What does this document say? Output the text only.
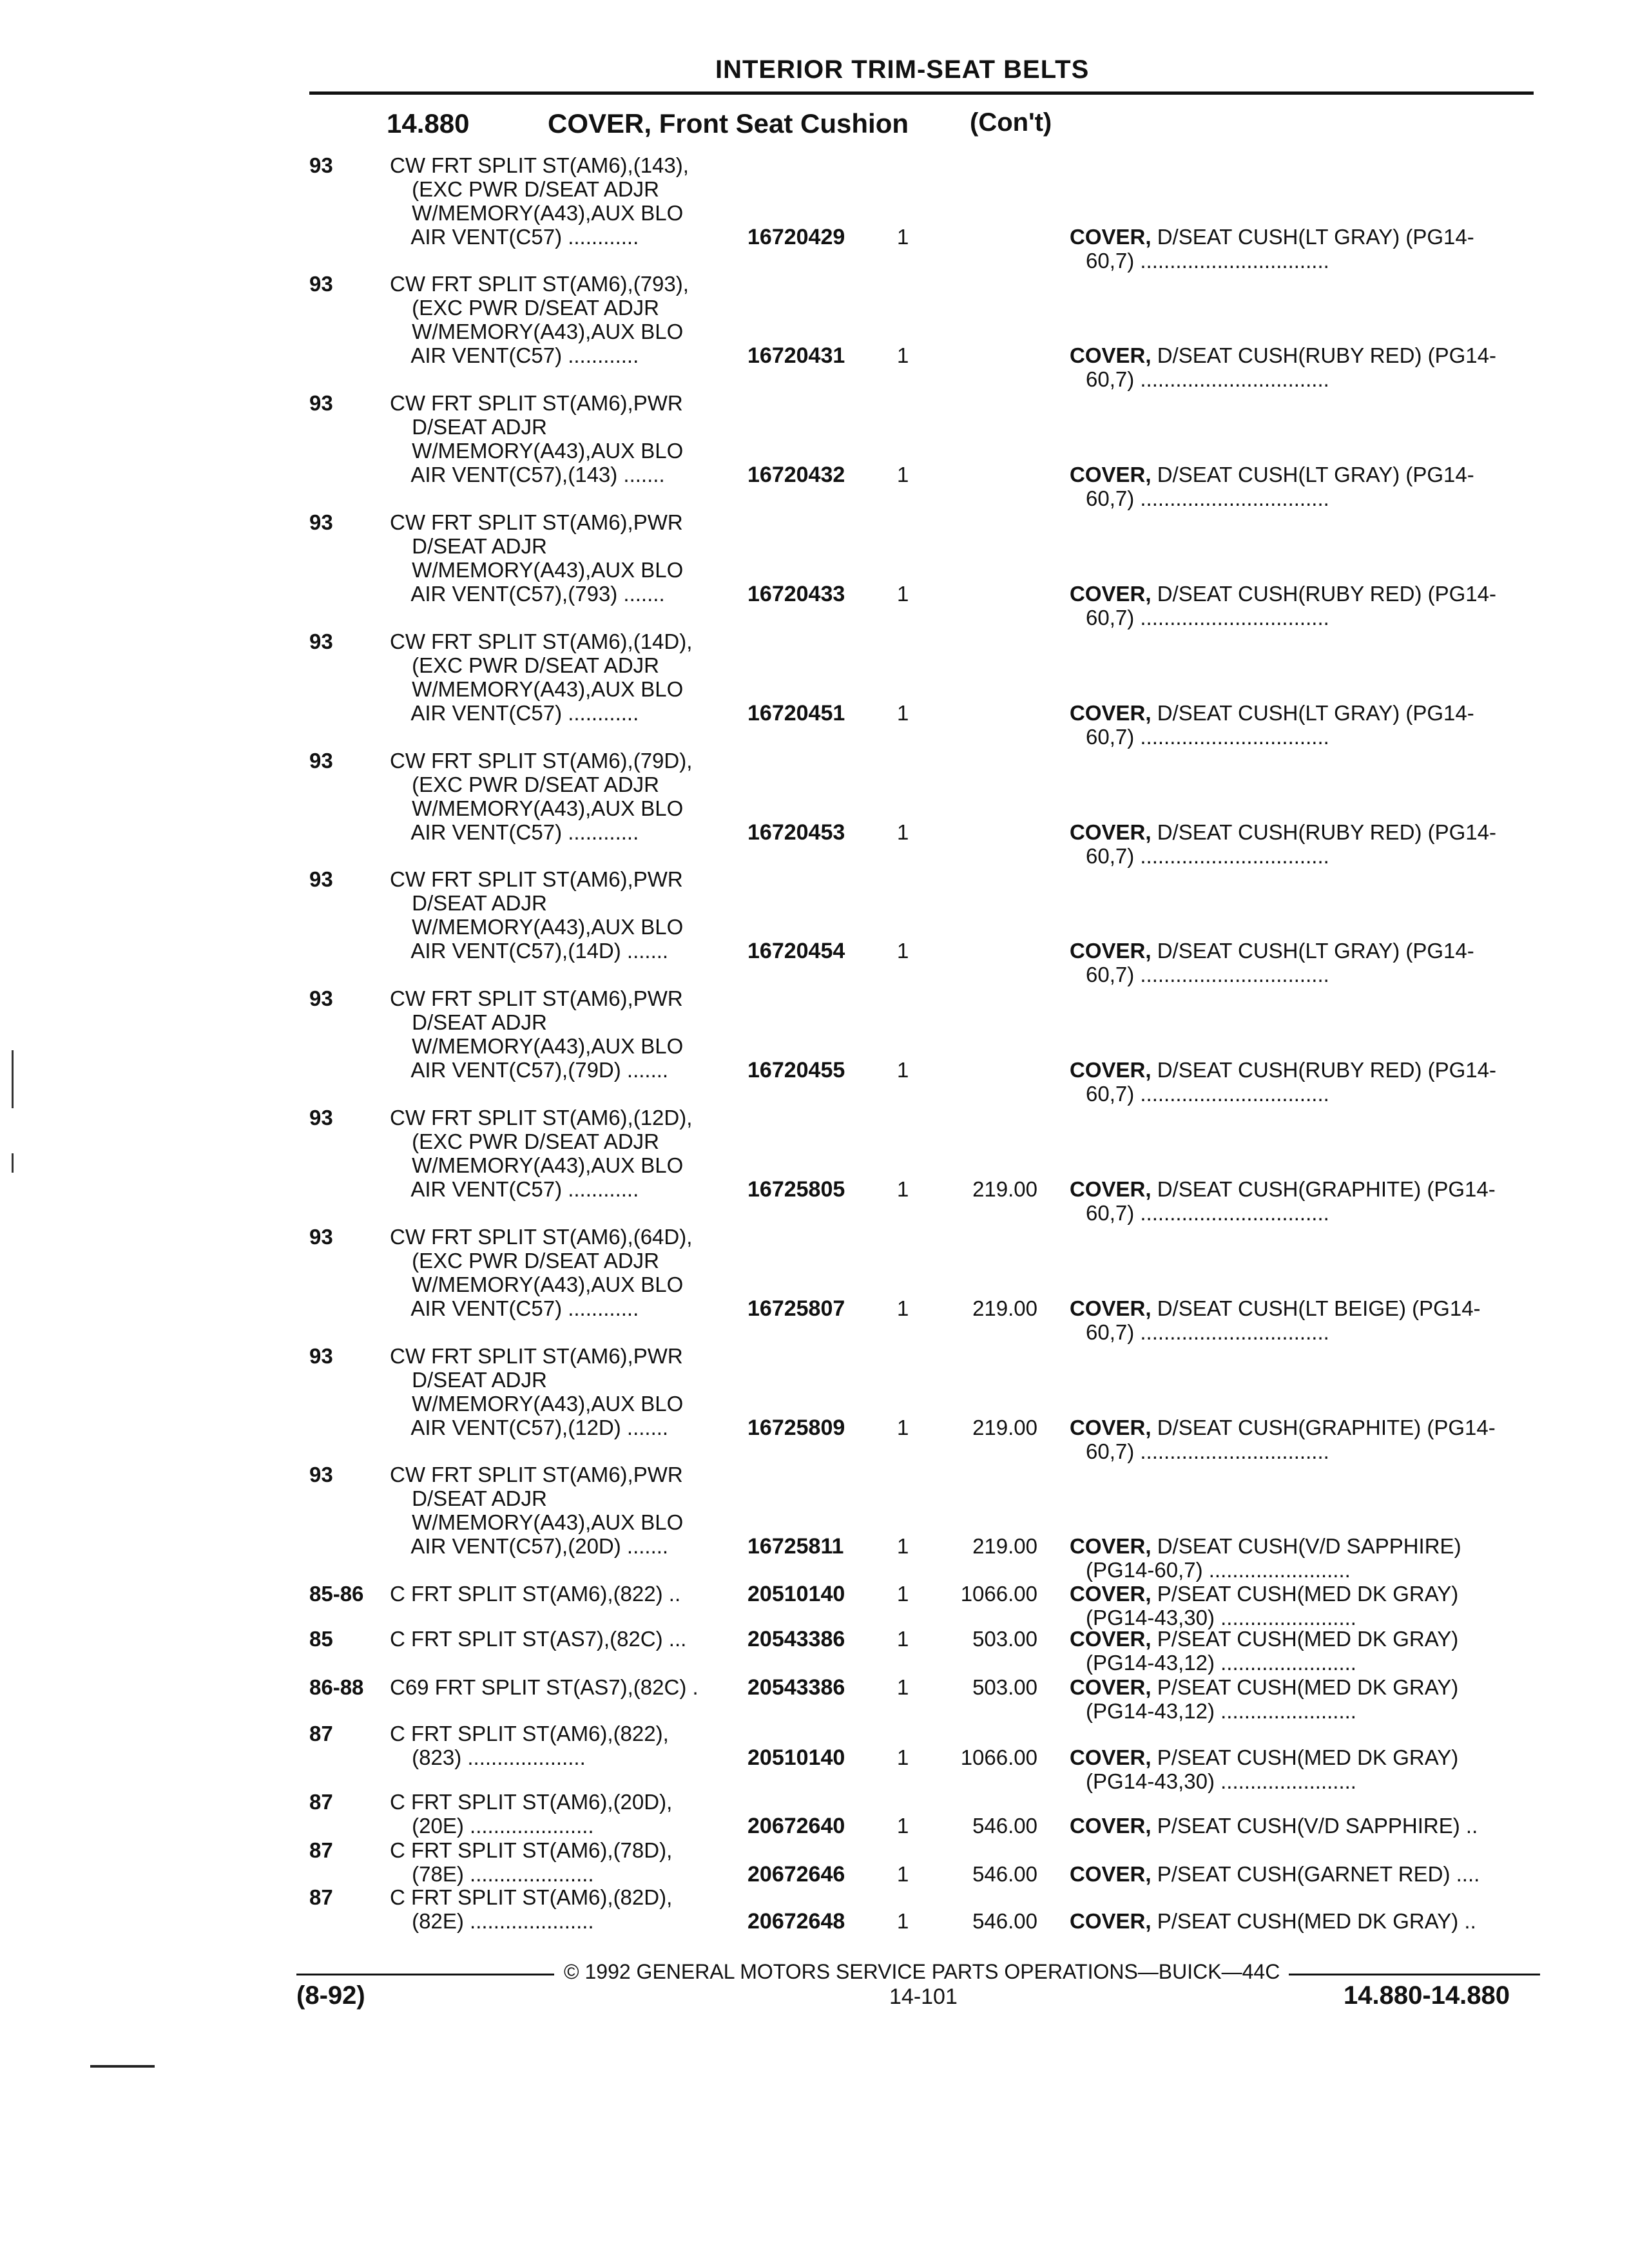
INTERIOR TRIM-SEAT BELTS
14.880	COVER, Front Seat Cushion (Con't)
93	CW FRT SPLIT ST(AM6),(143),
(EXC PWR D/SEAT ADJR
W/MEMORY(A43),AUX BLO
AIR VENT(C57) ............	16720429 1	COVER, D/SEAT CUSH(LT GRAY) (PG14-
60,7) ................................
93	CW FRT SPLIT ST(AM6),(793),
(EXC PWR D/SEAT ADJR
W/MEMORY(A43),AUX BLO
AIR VENT(C57) ............	16720431 1	COVER, D/SEAT CUSH(RUBY RED) (PG14-
60,7) ................................
93	CW FRT SPLIT ST(AM6),PWR
D/SEAT ADJR
W/MEMORY(A43),AUX BLO
AIR VENT(C57),(143) .......	16720432 1	COVER, D/SEAT CUSH(LT GRAY) (PG14-
60,7) ................................
93	CW FRT SPLIT ST(AM6),PWR
D/SEAT ADJR
W/MEMORY(A43),AUX BLO
AIR VENT(C57),(793) .......	16720433 1	COVER, D/SEAT CUSH(RUBY RED) (PG14-
60,7) ................................
93	CW FRT SPLIT ST(AM6),(14D),
(EXC PWR D/SEAT ADJR
W/MEMORY(A43),AUX BLO
AIR VENT(C57) ............	16720451 1	COVER, D/SEAT CUSH(LT GRAY) (PG14-
60,7) ................................
93	CW FRT SPLIT ST(AM6),(79D),
(EXC PWR D/SEAT ADJR
W/MEMORY(A43),AUX BLO
AIR VENT(C57) ............	16720453 1	COVER, D/SEAT CUSH(RUBY RED) (PG14-
60,7) ................................
93	CW FRT SPLIT ST(AM6),PWR
D/SEAT ADJR
W/MEMORY(A43),AUX BLO
AIR VENT(C57),(14D) .......	16720454 1	COVER, D/SEAT CUSH(LT GRAY) (PG14-
60,7) ................................
93	CW FRT SPLIT ST(AM6),PWR
D/SEAT ADJR
W/MEMORY(A43),AUX BLO
AIR VENT(C57),(79D) .......	16720455 1	COVER, D/SEAT CUSH(RUBY RED) (PG14-
60,7) ................................
93	CW FRT SPLIT ST(AM6),(12D),
(EXC PWR D/SEAT ADJR
W/MEMORY(A43),AUX BLO
AIR VENT(C57) ............	16725805 1	219.00 COVER, D/SEAT CUSH(GRAPHITE) (PG14-
60,7) ................................
93	CW FRT SPLIT ST(AM6),(64D),
(EXC PWR D/SEAT ADJR
W/MEMORY(A43),AUX BLO
AIR VENT(C57) ............	16725807 1	219.00 COVER, D/SEAT CUSH(LT BEIGE) (PG14-
60,7) ................................
93	CW FRT SPLIT ST(AM6),PWR
D/SEAT ADJR
W/MEMORY(A43),AUX BLO
AIR VENT(C57),(12D) .......	16725809 1	219.00 COVER, D/SEAT CUSH(GRAPHITE) (PG14-
60,7) ................................
93	CW FRT SPLIT ST(AM6),PWR
D/SEAT ADJR
W/MEMORY(A43),AUX BLO
AIR VENT(C57),(20D) .......	16725811	1	219.00 COVER, D/SEAT CUSH(V/D SAPPHIRE)
(PG14-60,7) ........................
85-86 C FRT SPLIT ST(AM6),(822) ..	20510140 1	1066.00 COVER, P/SEAT CUSH(MED DK GRAY)
(PG14-43,30) .......................
85	C FRT SPLIT ST(AS7),(82C) ...	20543386 1	503.00 COVER, P/SEAT CUSH(MED DK GRAY)
(PG14-43,12) .......................
86-88 C69 FRT SPLIT ST(AS7),(82C) . 20543386 1	503.00 COVER, P/SEAT CUSH(MED DK GRAY)
(PG14-43,12) .......................
87	C FRT SPLIT ST(AM6),(822),
(823) ....................	20510140 1	1066.00 COVER, P/SEAT CUSH(MED DK GRAY)
(PG14-43,30) .......................
87	C FRT SPLIT ST(AM6),(20D),
(20E) .....................	20672640 1	546.00 COVER, P/SEAT CUSH(V/D SAPPHIRE) ..
87	C FRT SPLIT ST(AM6),(78D),
(78E) .....................	20672646 1	546.00 COVER, P/SEAT CUSH(GARNET RED) ....
87	C FRT SPLIT ST(AM6),(82D),
(82E) .....................	20672648 1	546.00 COVER, P/SEAT CUSH(MED DK GRAY) ..
© 1992 GENERAL MOTORS SERVICE PARTS OPERATIONS—BUICK—44C
(8-92)	14-101	14.880-14.880
